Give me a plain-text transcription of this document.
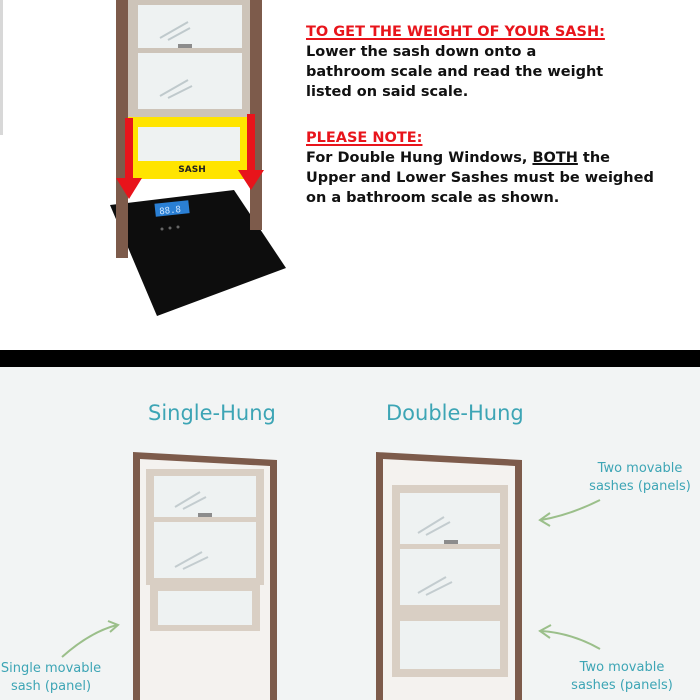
88.8
SASH
TO GET THE WEIGHT OF YOUR SASH:

Lower the sash down onto a

bathroom scale and read the weight

listed on said scale.

PLEASE NOTE:

For Double Hung Windows, BOTH the

Upper and Lower Sashes must be weighed

on a bathroom scale as shown.

Single-Hung	Double-Hung
Single movable
sash (panel)
Two movable
sashes (panels)
Two movable
sashes (panels)
